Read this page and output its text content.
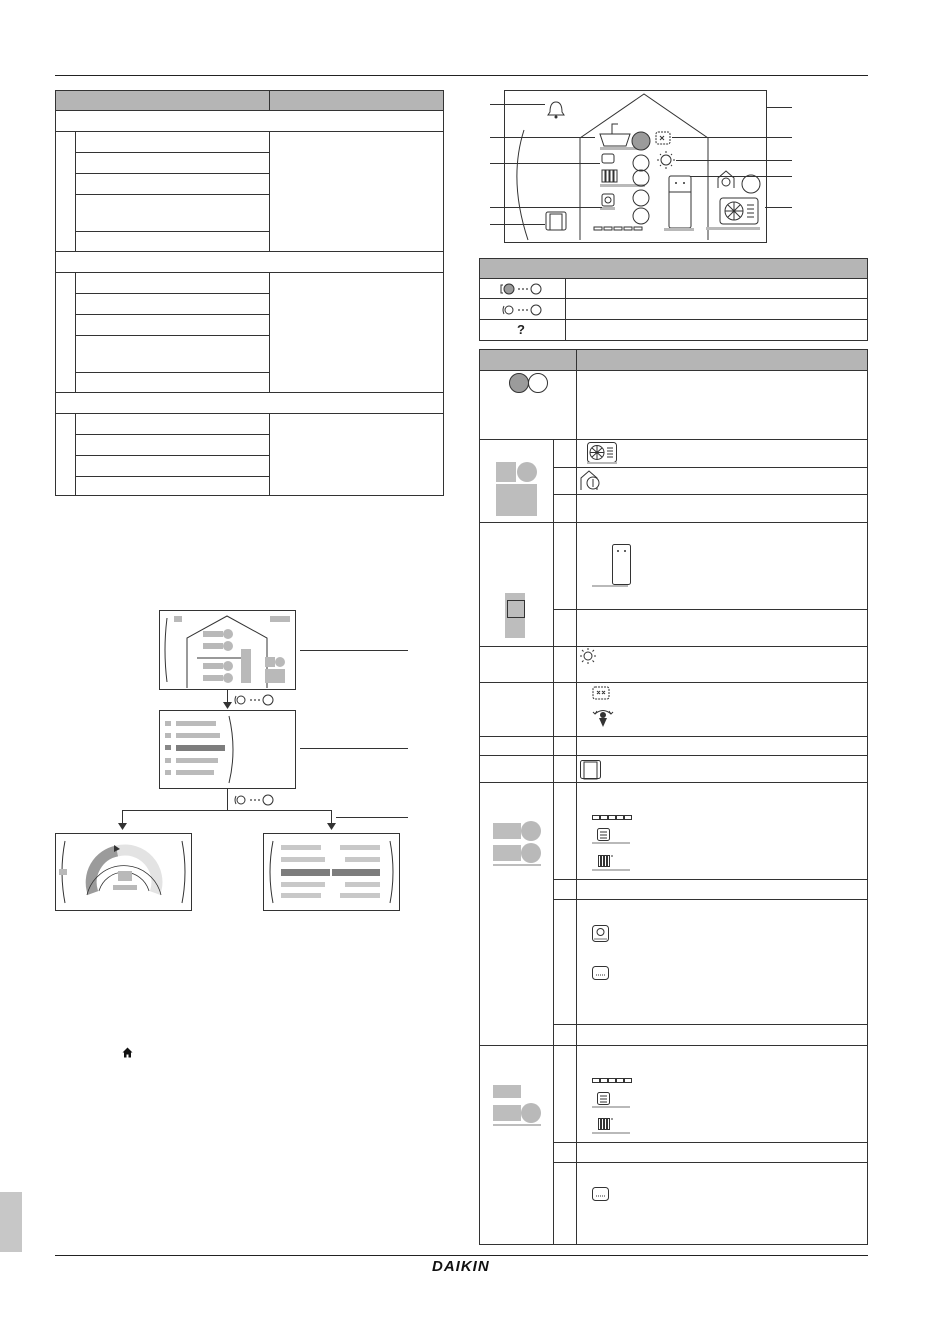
?
DAIKIN
